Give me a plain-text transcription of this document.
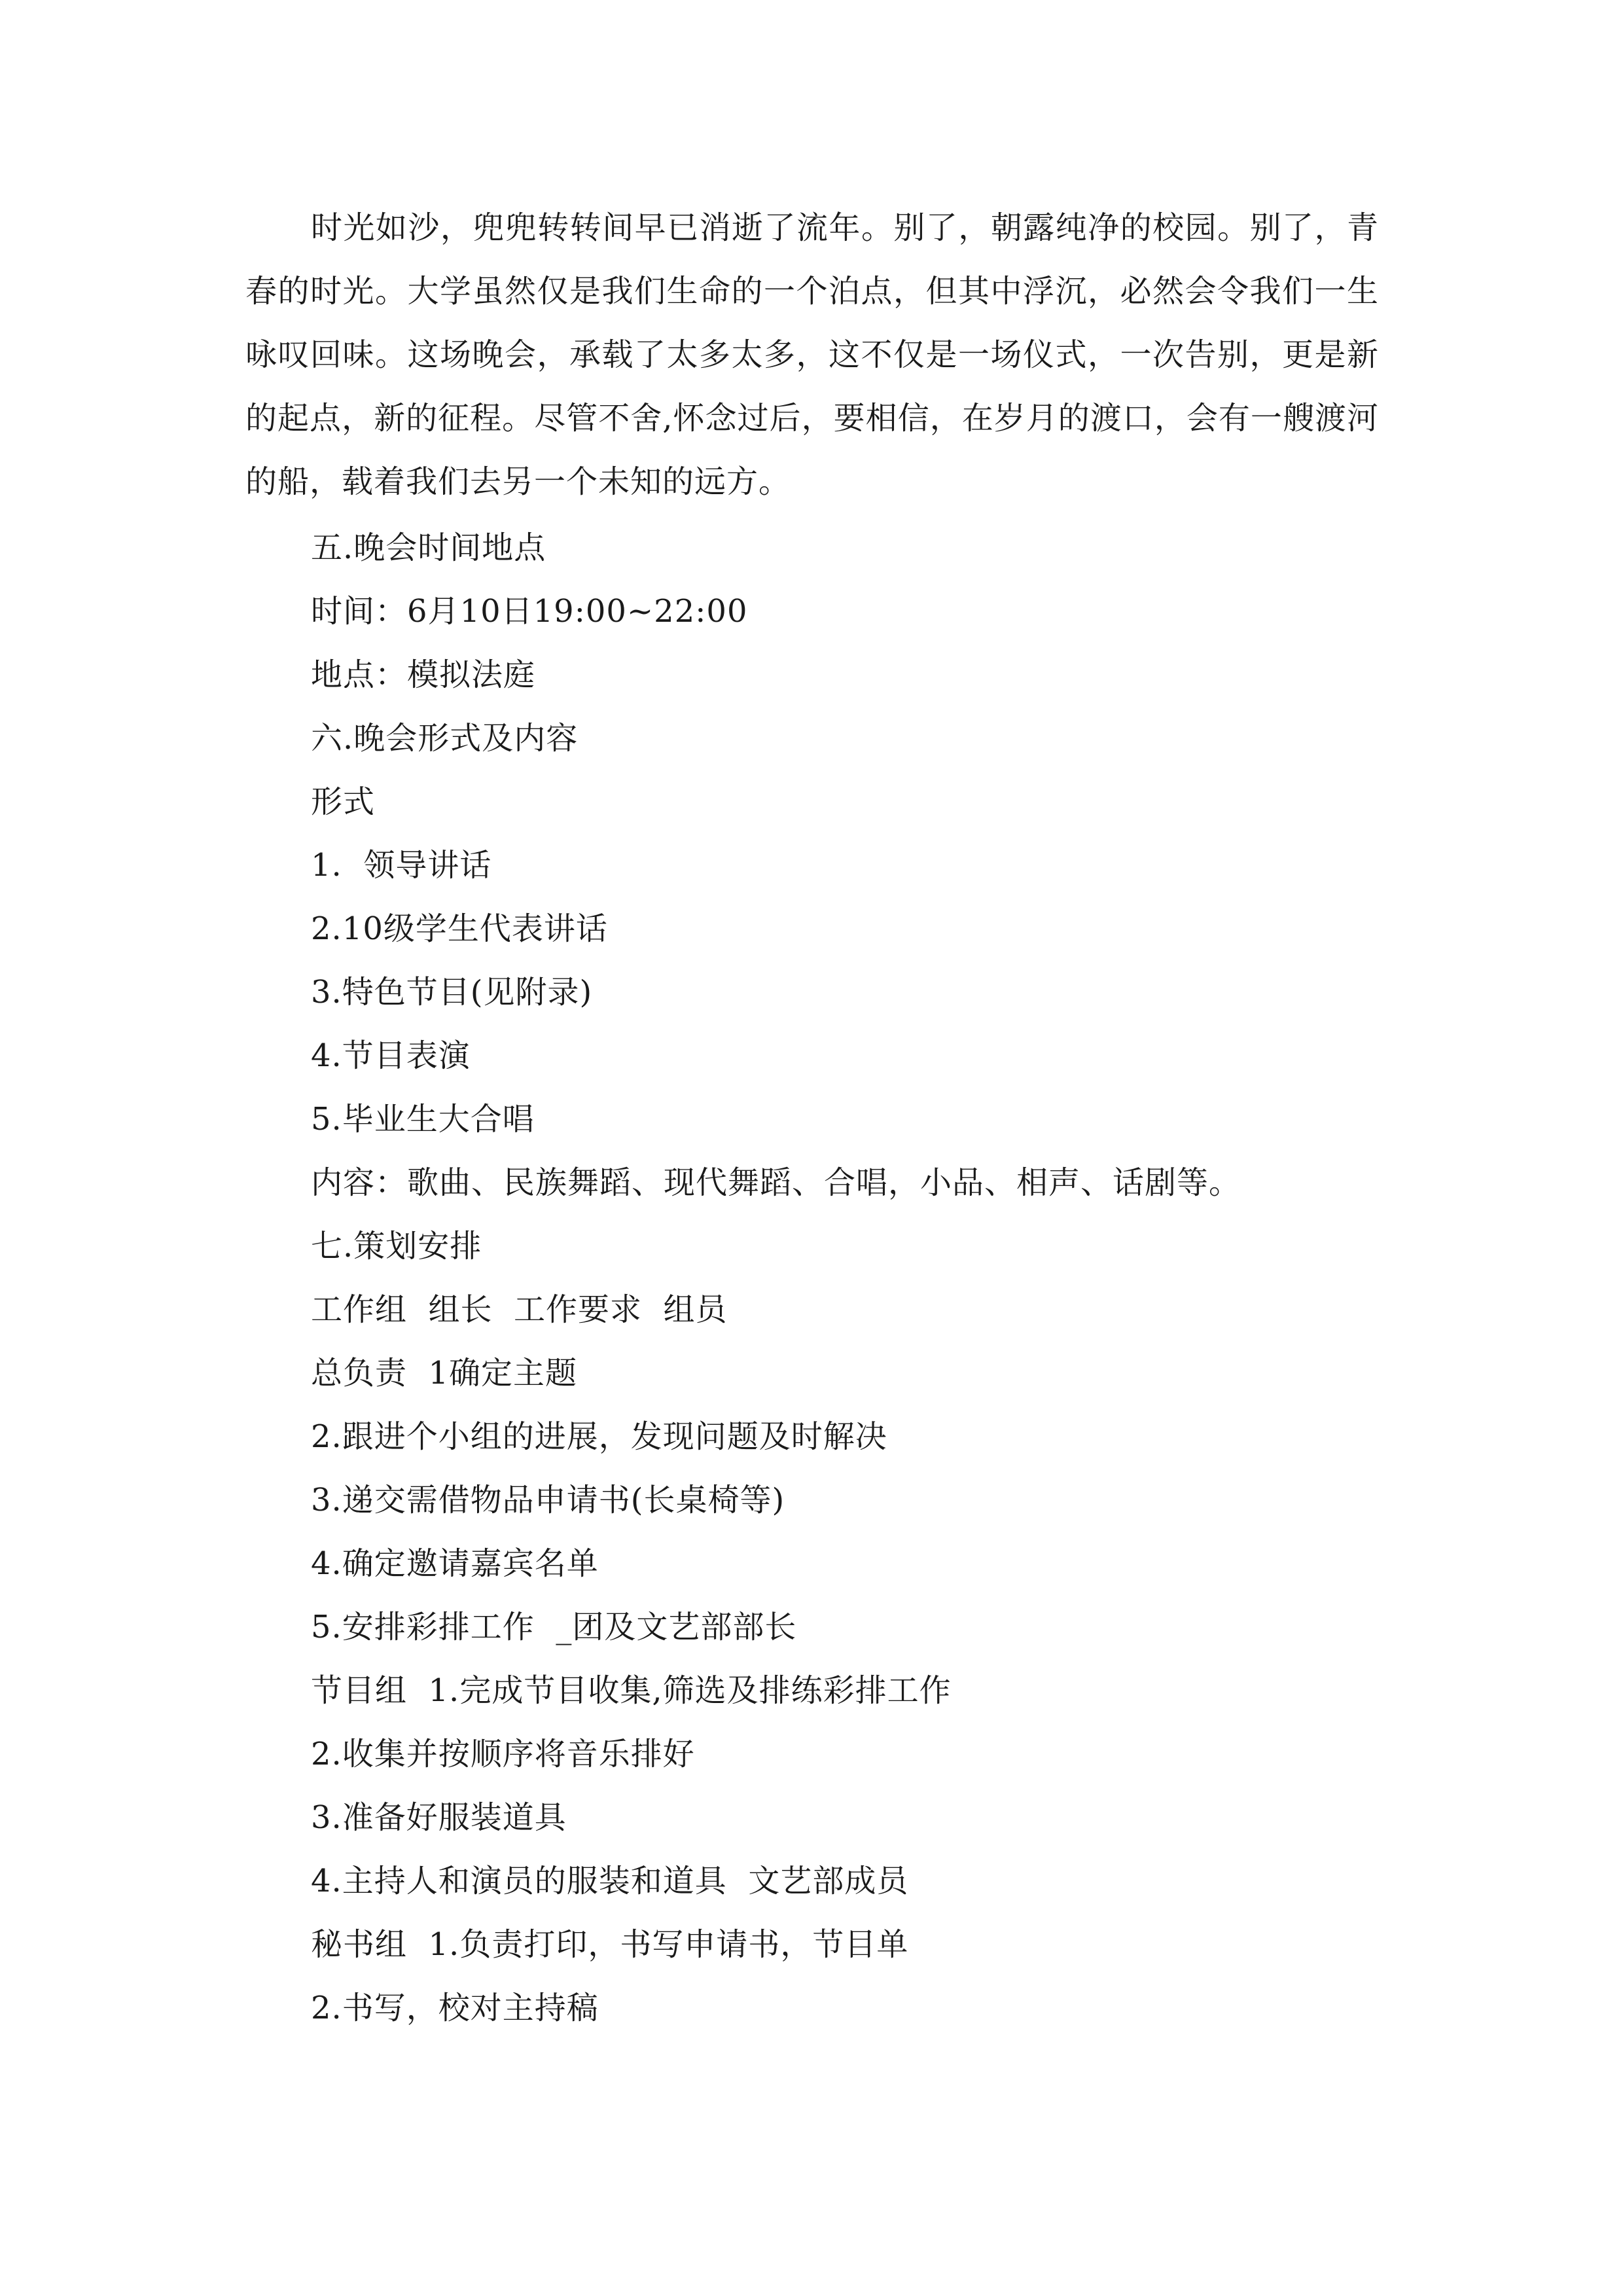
时光如沙，兜兜转转间早已消逝了流年。别了，朝露纯净的校园。别了，青春的时光。大学虽然仅是我们生命的一个泊点，但其中浮沉，必然会令我们一生咏叹回味。这场晚会，承载了太多太多，这不仅是一场仪式，一次告别，更是新的起点，新的征程。尽管不舍,怀念过后，要相信，在岁月的渡口，会有一艘渡河的船，载着我们去另一个未知的远方。

五.晚会时间地点
时间：6月10日19:00~22:00
地点：模拟法庭
六.晚会形式及内容
形式
1.  领导讲话
2.10级学生代表讲话
3.特色节目(见附录)
4.节目表演
5.毕业生大合唱
内容：歌曲、民族舞蹈、现代舞蹈、合唱，小品、相声、话剧等。
七.策划安排
工作组  组长  工作要求  组员
总负责  1确定主题
2.跟进个小组的进展，发现问题及时解决
3.递交需借物品申请书(长桌椅等)
4.确定邀请嘉宾名单
5.安排彩排工作  _团及文艺部部长
节目组  1.完成节目收集,筛选及排练彩排工作
2.收集并按顺序将音乐排好
3.准备好服装道具
4.主持人和演员的服装和道具  文艺部成员
秘书组  1.负责打印，书写申请书，节目单
2.书写，校对主持稿
